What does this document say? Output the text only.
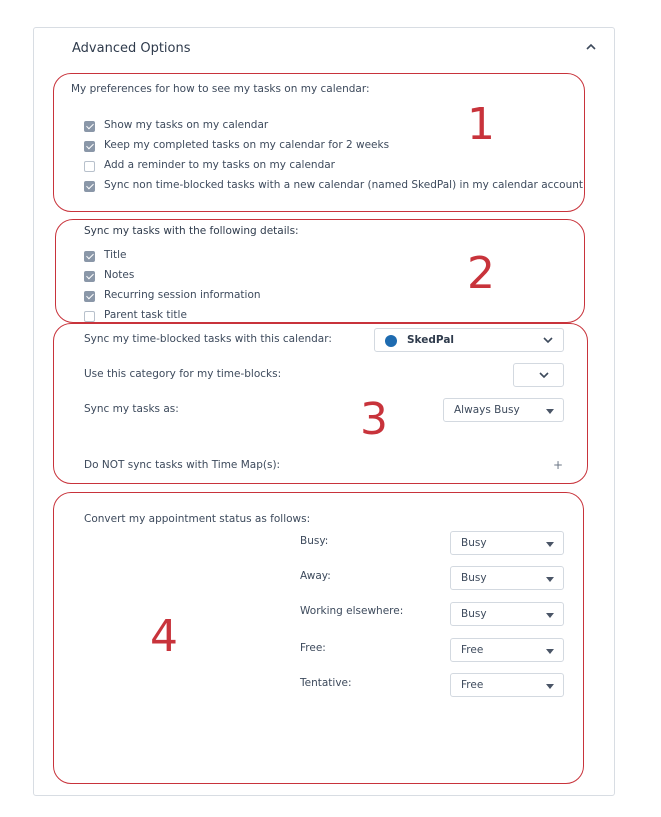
Advanced Options
My preferences for how to see my tasks on my calendar:
Show my tasks on my calendar
Keep my completed tasks on my calendar for 2 weeks
Add a reminder to my tasks on my calendar
Sync non time-blocked tasks with a new calendar (named SkedPal) in my calendar account
Sync my tasks with the following details:
Title
Notes
Recurring session information
Parent task title
Sync my time-blocked tasks with this calendar:	SkedPal
Use this category for my time-blocks:
Sync my tasks as:	Always Busy
Do NOT sync tasks with Time Map(s):	+
Convert my appointment status as follows:
Busy:	Busy
Away:	Busy
Working elsewhere:	Busy
Free:	Free
Tentative:	Free
1
2
3
4
